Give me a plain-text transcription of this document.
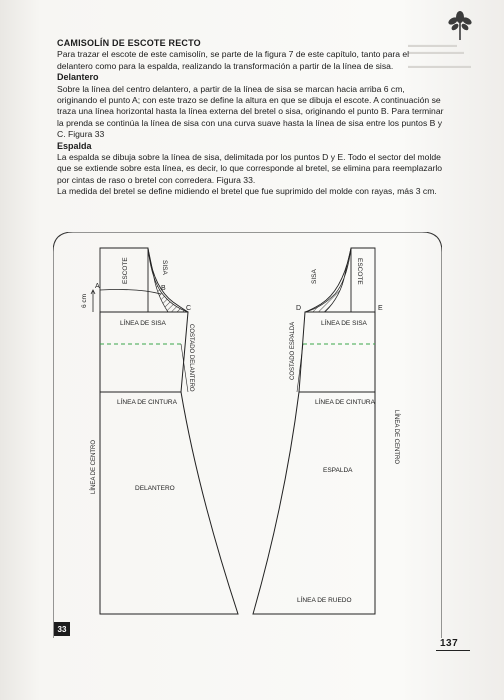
▬▬▬▬▬▬▬
▬▬▬▬▬▬▬▬

▬▬▬▬▬▬▬▬▬

CAMISOLÍN DE ESCOTE RECTO

Para trazar el escote de este camisolín, se parte de la figura 7 de este capítulo, tanto para el delantero como para la espalda, realizando la transformación a partir de la línea de sisa.

Delantero

Sobre la línea del centro delantero, a partir de la línea de sisa se marcan hacia arriba 6 cm, originando el punto A; con este trazo se define la altura en que se dibuja el escote. A continuación se traza una línea horizontal hasta la línea externa del bretel o sisa, originando el punto B. Para terminar la prenda se continúa la línea de sisa con una curva suave hasta la línea de sisa entre los puntos B y C. Figura 33

Espalda

La espalda se dibuja sobre la línea de sisa, delimitada por los puntos D y E. Todo el sector del molde que se extiende sobre esta línea, es decir, lo que corresponde al bretel, se elimina para reemplazarlo por cintas de raso o bretel con corredera. Figura 33.

La medida del bretel se define midiendo el bretel que fue suprimido del molde con rayas, más 3 cm.

ESCOTE	SISA
6 cm
A	B
C
LÍNEA DE SISA
COSTADO DELANTERO
LÍNEA DE CINTURA
LÍNEA DE CENTRO	DELANTERO
SISA	ESCOTE
D	E
COSTADO ESPALDA	LÍNEA DE SISA
LÍNEA DE CINTURA
LÍNEA DE CENTRO
ESPALDA
LÍNEA DE RUEDO
33
137
